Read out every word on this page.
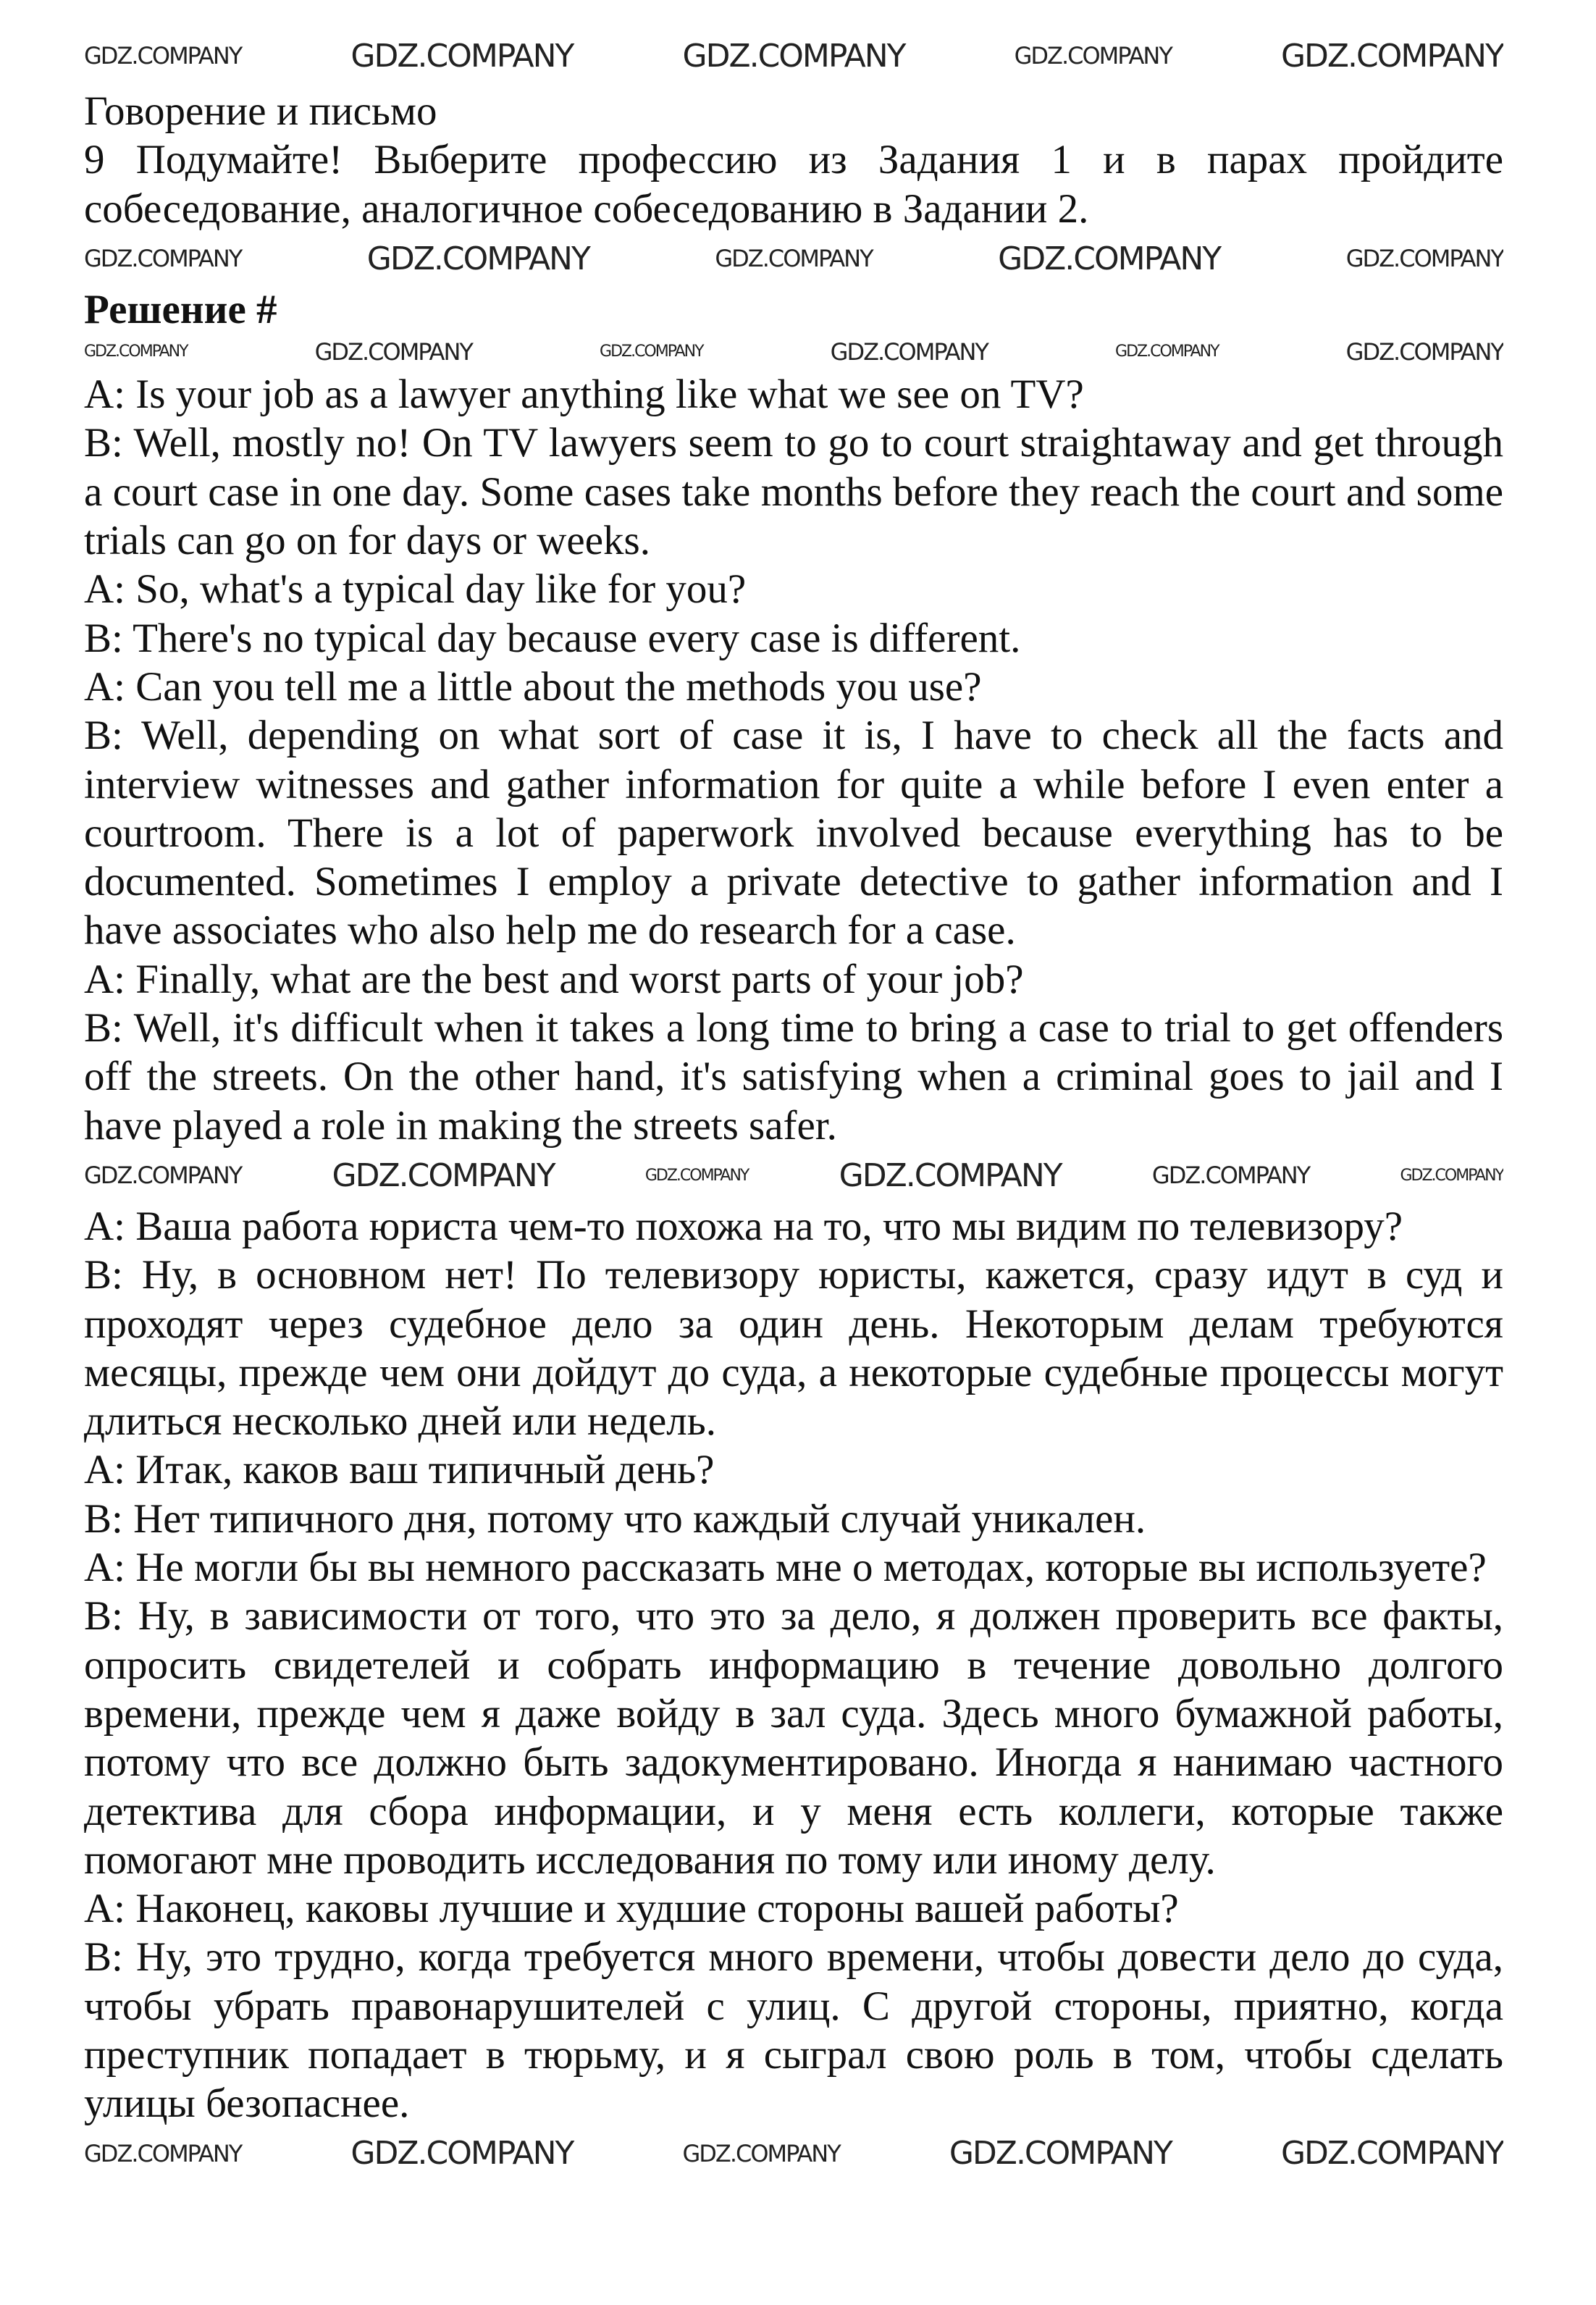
GDZ.COMPANY	GDZ.COMPANY	GDZ.COMPANY	GDZ.COMPANY	GDZ.COMPANY

Говорение и письмо

9 Подумайте! Выберите профессию из Задания 1 и в парах пройдите собеседование, аналогичное собеседованию в Задании 2.

GDZ.COMPANY	GDZ.COMPANY	GDZ.COMPANY	GDZ.COMPANY	GDZ.COMPANY

Решение #

GDZ.COMPANY	GDZ.COMPANY	GDZ.COMPANY	GDZ.COMPANY	GDZ.COMPANY	GDZ.COMPANY

A: Is your job as a lawyer anything like what we see on TV?

B: Well, mostly no! On TV lawyers seem to go to court straightaway and get through a court case in one day. Some cases take months before they reach the court and some trials can go on for days or weeks.

A: So, what's a typical day like for you?

B: There's no typical day because every case is different.

A: Can you tell me a little about the methods you use?

B: Well, depending on what sort of case it is, I have to check all the facts and interview witnesses and gather information for quite a while before I even enter a courtroom. There is a lot of paperwork involved because everything has to be documented. Sometimes I employ a private detective to gather information and I have associates who also help me do research for a case.

A: Finally, what are the best and worst parts of your job?

B: Well, it's difficult when it takes a long time to bring a case to trial to get offenders off the streets. On the other hand, it's satisfying when a criminal goes to jail and I have played a role in making the streets safer.

GDZ.COMPANY	GDZ.COMPANY	GDZ.COMPANY	GDZ.COMPANY	GDZ.COMPANY	GDZ.COMPANY

A: Ваша работа юриста чем-то похожа на то, что мы видим по телевизору?

B: Ну, в основном нет! По телевизору юристы, кажется, сразу идут в суд и проходят через судебное дело за один день. Некоторым делам требуются месяцы, прежде чем они дойдут до суда, а некоторые судебные процессы могут длиться несколько дней или недель.

A: Итак, каков ваш типичный день?

B: Нет типичного дня, потому что каждый случай уникален.

A: Не могли бы вы немного рассказать мне о методах, которые вы используете?

B: Ну, в зависимости от того, что это за дело, я должен проверить все факты, опросить свидетелей и собрать информацию в течение довольно долгого времени, прежде чем я даже войду в зал суда. Здесь много бумажной работы, потому что все должно быть задокументировано. Иногда я нанимаю частного детектива для сбора информации, и у меня есть коллеги, которые также помогают мне проводить исследования по тому или иному делу.

A: Наконец, каковы лучшие и худшие стороны вашей работы?

B: Ну, это трудно, когда требуется много времени, чтобы довести дело до суда, чтобы убрать правонарушителей с улиц. С другой стороны, приятно, когда преступник попадает в тюрьму, и я сыграл свою роль в том, чтобы сделать улицы безопаснее.

GDZ.COMPANY	GDZ.COMPANY	GDZ.COMPANY	GDZ.COMPANY	GDZ.COMPANY
